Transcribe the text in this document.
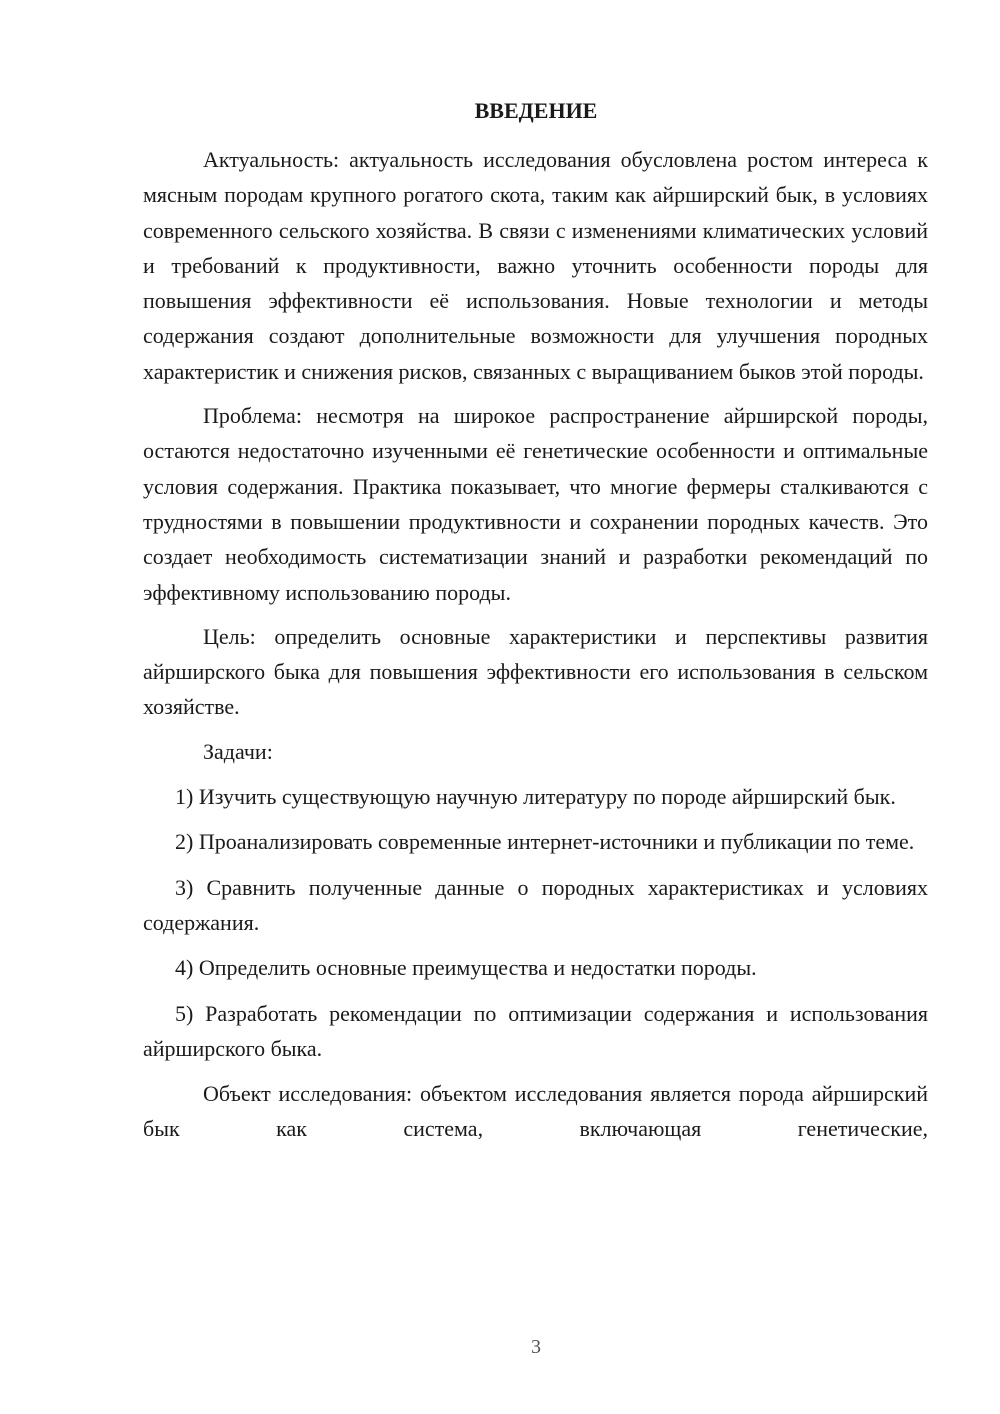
ВВЕДЕНИЕ

Актуальность: актуальность исследования обусловлена ростом интереса к мясным породам крупного рогатого скота, таким как айрширский бык, в условиях современного сельского хозяйства. В связи с изменениями климатических условий и требований к продуктивности, важно уточнить особенности породы для повышения эффективности её использования. Новые технологии и методы содержания создают дополнительные возможности для улучшения породных характеристик и снижения рисков, связанных с выращиванием быков этой породы.

Проблема: несмотря на широкое распространение айрширской породы, остаются недостаточно изученными её генетические особенности и оптимальные условия содержания. Практика показывает, что многие фермеры сталкиваются с трудностями в повышении продуктивности и сохранении породных качеств. Это создает необходимость систематизации знаний и разработки рекомендаций по эффективному использованию породы.

Цель: определить основные характеристики и перспективы развития айрширского быка для повышения эффективности его использования в сельском хозяйстве.

Задачи:

1) Изучить существующую научную литературу по породе айрширский бык.

2) Проанализировать современные интернет-источники и публикации по теме.

3) Сравнить полученные данные о породных характеристиках и условиях содержания.

4) Определить основные преимущества и недостатки породы.

5) Разработать рекомендации по оптимизации содержания и использования айрширского быка.

Объект исследования: объектом исследования является порода айрширский бык как система, включающая генетические,

3
